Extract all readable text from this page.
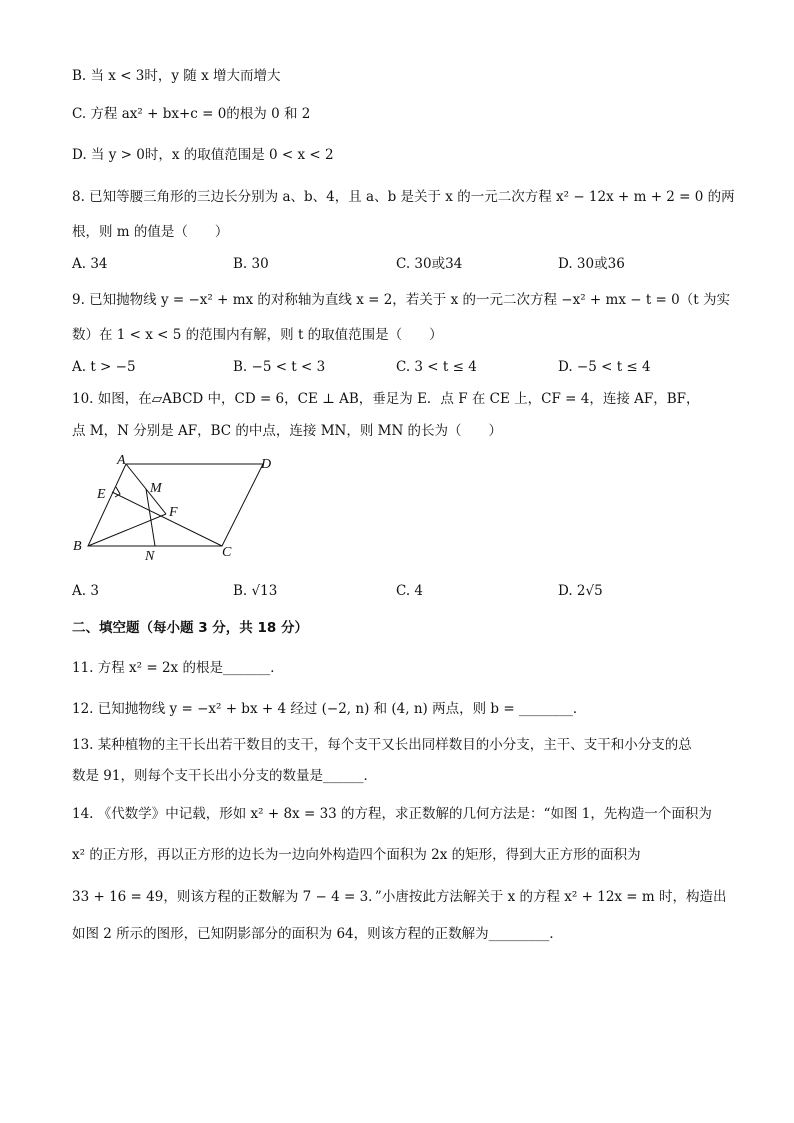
B. 当 x < 3时，y 随 x 增大而增大
C. 方程 ax² + bx+c = 0的根为 0 和 2
D. 当 y > 0时，x 的取值范围是 0 < x < 2
8. 已知等腰三角形的三边长分别为 a、b、4，且 a、b 是关于 x 的一元二次方程 x² − 12x + m + 2 = 0 的两
根，则 m 的值是（　　）
A. 34	B. 30	C. 30或34	D. 30或36
9. 已知抛物线 y = −x² + mx 的对称轴为直线 x = 2，若关于 x 的一元二次方程 −x² + mx − t = 0（t 为实
数）在 1 < x < 5 的范围内有解，则 t 的取值范围是（　　）
A. t > −5	B. −5 < t < 3	C. 3 < t ≤ 4	D. −5 < t ≤ 4
10. 如图，在▱ABCD 中，CD = 6，CE ⊥ AB，垂足为 E．点 F 在 CE 上，CF = 4，连接 AF，BF，
点 M，N 分别是 AF，BC 的中点，连接 MN，则 MN 的长为（　　）
A	D
E	M
F
B
N	C
A. 3	B. √13	C. 4	D. 2√5
二、填空题（每小题 3 分，共 18 分）
11. 方程 x² = 2x 的根是_______．
12. 已知抛物线 y = −x² + bx + 4 经过 (−2, n) 和 (4, n) 两点，则 b = ________．
13. 某种植物的主干长出若干数目的支干，每个支干又长出同样数目的小分支，主干、支干和小分支的总
数是 91，则每个支干长出小分支的数量是______．
14. 《代数学》中记载，形如 x² + 8x = 33 的方程，求正数解的几何方法是：“如图 1，先构造一个面积为
x² 的正方形，再以正方形的边长为一边向外构造四个面积为 2x 的矩形，得到大正方形的面积为
33 + 16 = 49，则该方程的正数解为 7 − 4 = 3．”小唐按此方法解关于 x 的方程 x² + 12x = m 时，构造出
如图 2 所示的图形，已知阴影部分的面积为 64，则该方程的正数解为_________．
